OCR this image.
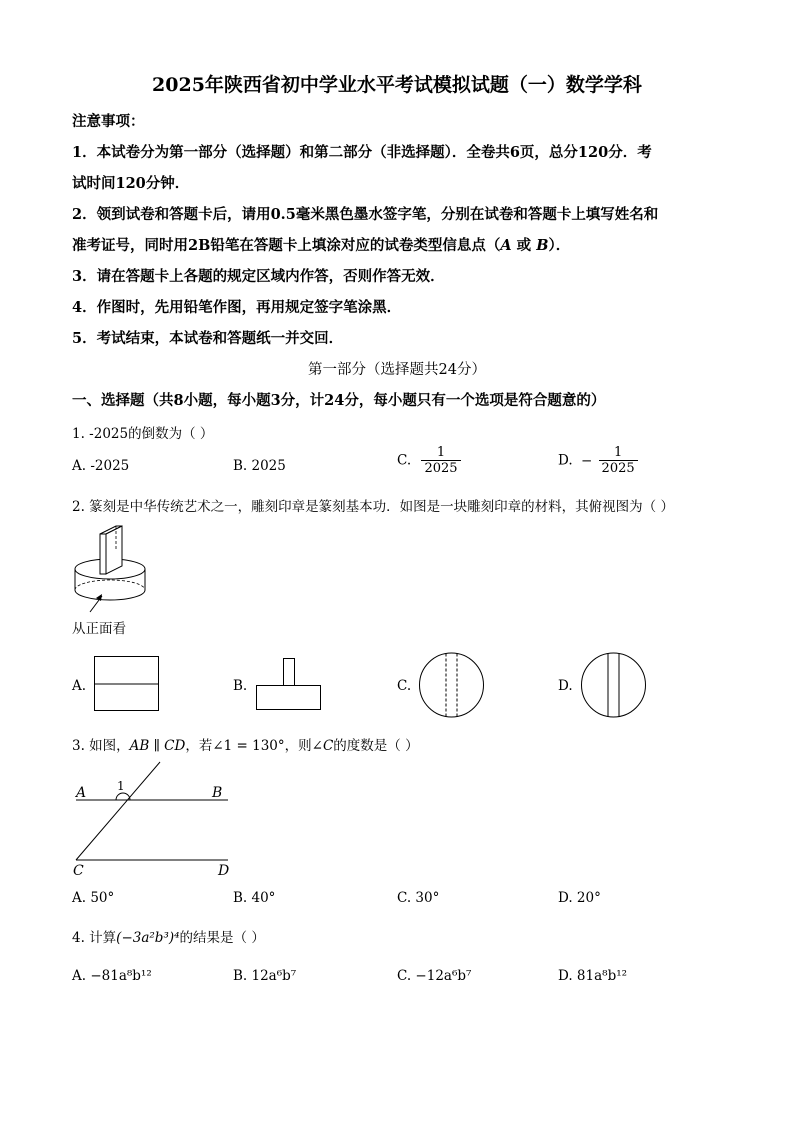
2025年陕西省初中学业水平考试模拟试题（一）数学学科
注意事项：
1．本试卷分为第一部分（选择题）和第二部分（非选择题）．全卷共6页，总分120分．考
试时间120分钟．
2．领到试卷和答题卡后，请用0.5毫米黑色墨水签字笔，分别在试卷和答题卡上填写姓名和
准考证号，同时用2B铅笔在答题卡上填涂对应的试卷类型信息点（A 或 B）．
3．请在答题卡上各题的规定区域内作答，否则作答无效．
4．作图时，先用铅笔作图，再用规定签字笔涂黑．
5．考试结束，本试卷和答题纸一并交回．
第一部分（选择题共24分）
一、选择题（共8小题，每小题3分，计24分，每小题只有一个选项是符合题意的）
1. -2025的倒数为（ ）
A. -2025	B. 2025	C. $\frac{1}{2025}$	D. − $\frac{1}{2025}$
2. 篆刻是中华传统艺术之一，雕刻印章是篆刻基本功．如图是一块雕刻印章的材料，其俯视图为（ ）
从正面看
A.	B.	C.	D.
3. 如图，AB ∥ CD，若∠1 = 130°，则∠C的度数是（ ）
A	B
C	D
1
A. 50°	B. 40°	C. 30°	D. 20°
4. 计算(−3a²b³)⁴的结果是（ ）
A. −81a⁸b¹²	B. 12a⁶b⁷	C. −12a⁶b⁷	D. 81a⁸b¹²
